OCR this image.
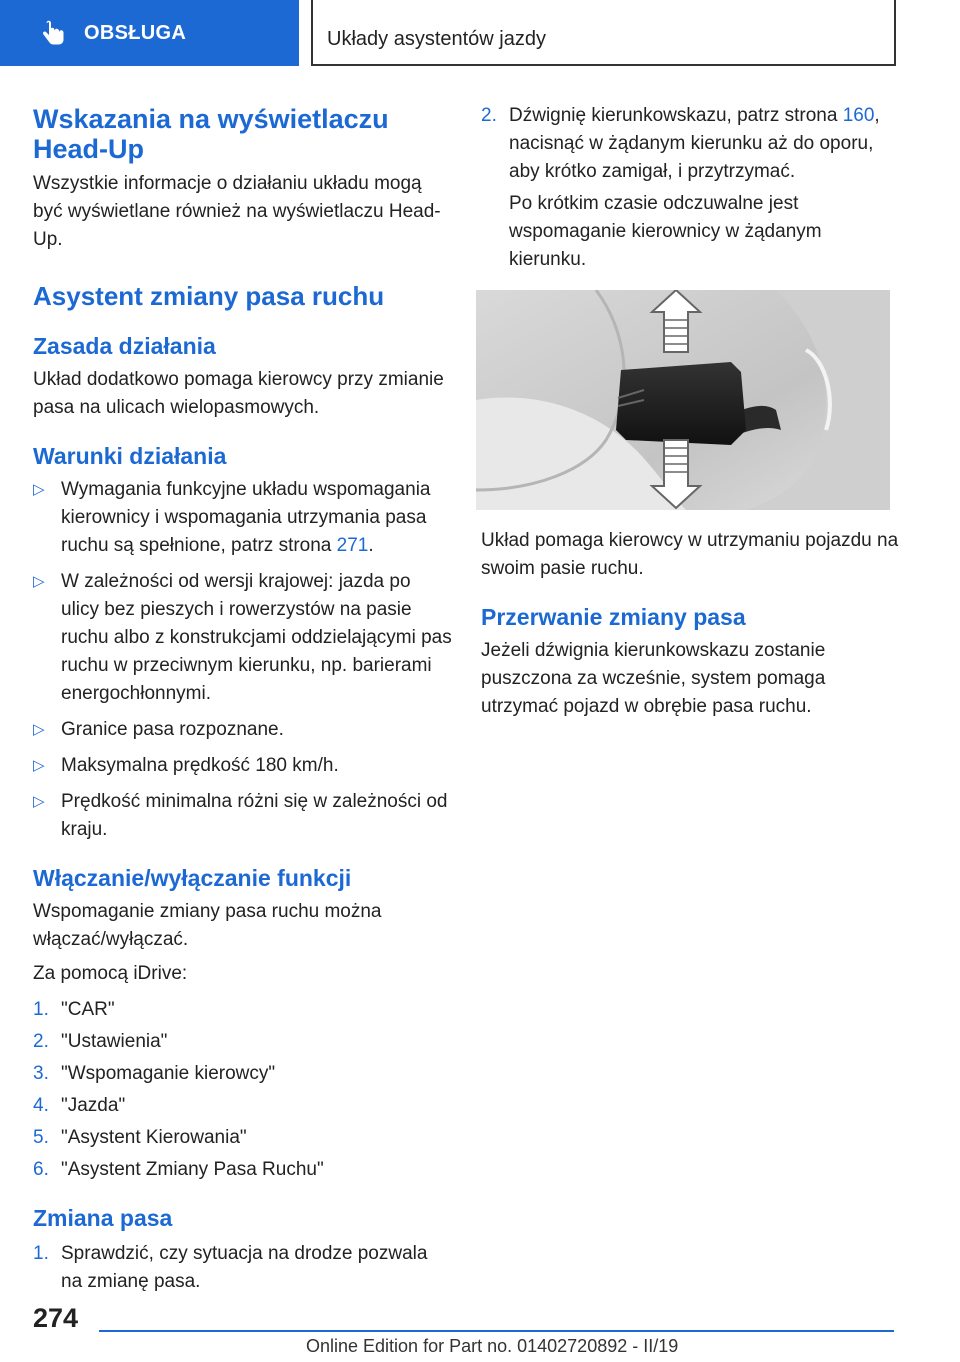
OBSŁUGA	Układy asystentów jazdy
Wskazania na wyświetlaczu Head-Up

Wszystkie informacje o działaniu układu mogą być wyświetlane również na wyświetlaczu Head-Up.

Asystent zmiany pasa ruchu
Zasada działania

Układ dodatkowo pomaga kierowcy przy zmianie pasa na ulicach wielopasmowych.

Warunki działania
▷ Wymagania funkcyjne układu wspomagania kierownicy i wspomagania utrzymania pasa ruchu są spełnione, patrz strona 271.
▷ W zależności od wersji krajowej: jazda po ulicy bez pieszych i rowerzystów na pasie ruchu albo z konstrukcjami oddzielającymi pas ruchu w przeciwnym kierunku, np. barierami energochłonnymi.
▷ Granice pasa rozpoznane.
▷ Maksymalna prędkość 180 km/h.
▷ Prędkość minimalna różni się w zależności od kraju.
Włączanie/wyłączanie funkcji

Wspomaganie zmiany pasa ruchu można włączać/wyłączać.

Za pomocą iDrive:

1. "CAR"
2. "Ustawienia"
3. "Wspomaganie kierowcy"
4. "Jazda"
5. "Asystent Kierowania"
6. "Asystent Zmiany Pasa Ruchu"
Zmiana pasa
1. Sprawdzić, czy sytuacja na drodze pozwala na zmianę pasa.
2. Dźwignię kierunkowskazu, patrz strona 160, nacisnąć w żądanym kierunku aż do oporu, aby krótko zamigał, i przytrzymać.

Po krótkim czasie odczuwalne jest wspomaganie kierownicy w żądanym kierunku.

Układ pomaga kierowcy w utrzymaniu pojazdu na swoim pasie ruchu.

Przerwanie zmiany pasa

Jeżeli dźwignia kierunkowskazu zostanie puszczona za wcześnie, system pomaga utrzymać pojazd w obrębie pasa ruchu.

274
Online Edition for Part no. 01402720892 - II/19
